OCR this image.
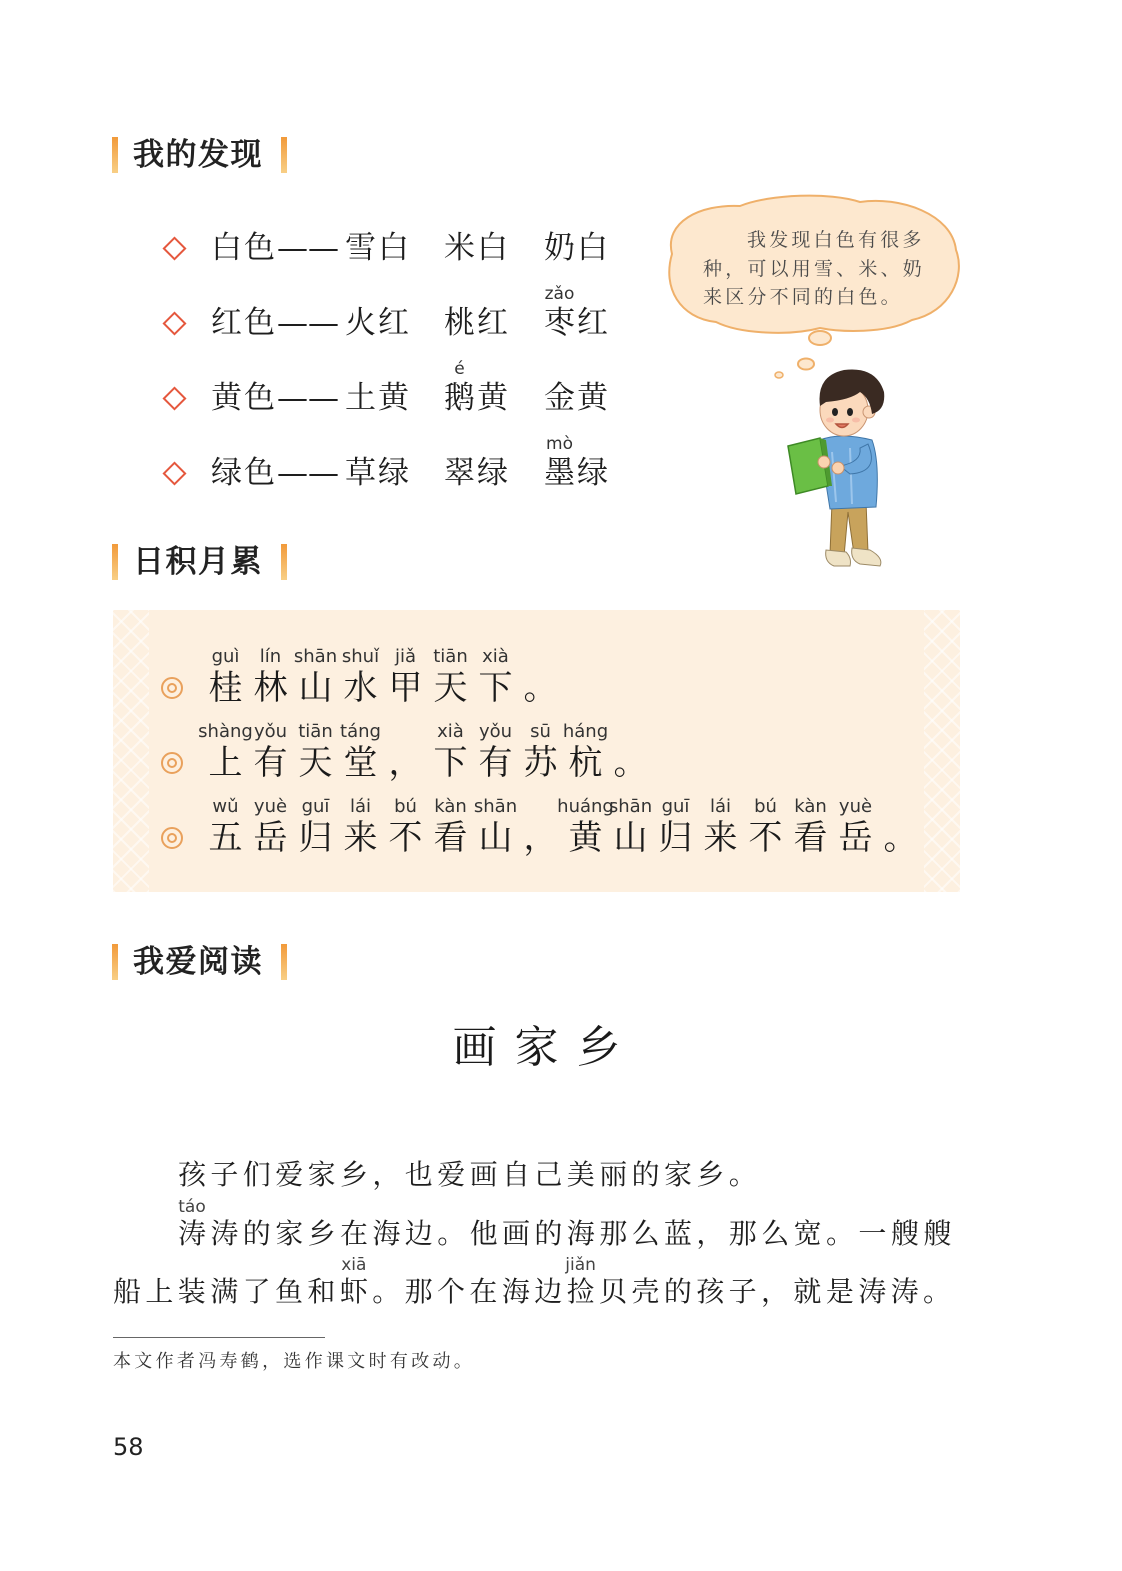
我的发现
白色 —— 雪白 米白 奶白
红色 —— 火红 桃红 枣红
zǎo
黄色 —— 土黄 鹅黄
é
金黄
绿色 —— 草绿 翠绿 墨绿
mò
我发现白色有很多
种，可以用雪、米、奶
来区分不同的白色。
日积月累
guì
桂
lín
林
shān
山
shuǐ
水
jiǎ
甲
tiān
天
xià
下 。
shàng
上
yǒu
有
tiān
天
táng
堂 ，
xià
下
yǒu
有
sū
苏
háng
杭 。
wǔ
五
yuè
岳
guī
归
lái
来
bú
不
kàn
看
shān
山 ，
huáng
黄
shān
山
guī
归
lái
来
bú
不
kàn
看
yuè
岳 。
我爱阅读
画家乡
孩子们爱家乡，也爱画自己美丽的家乡。
涛
táo
涛的家乡在海边。他画的海那么蓝，那么宽。一艘艘
船上装满了鱼和虾
xiā
。那个在海边捡
jiǎn
贝壳的孩子，就是涛涛。
本文作者冯寿鹤，选作课文时有改动。
58
